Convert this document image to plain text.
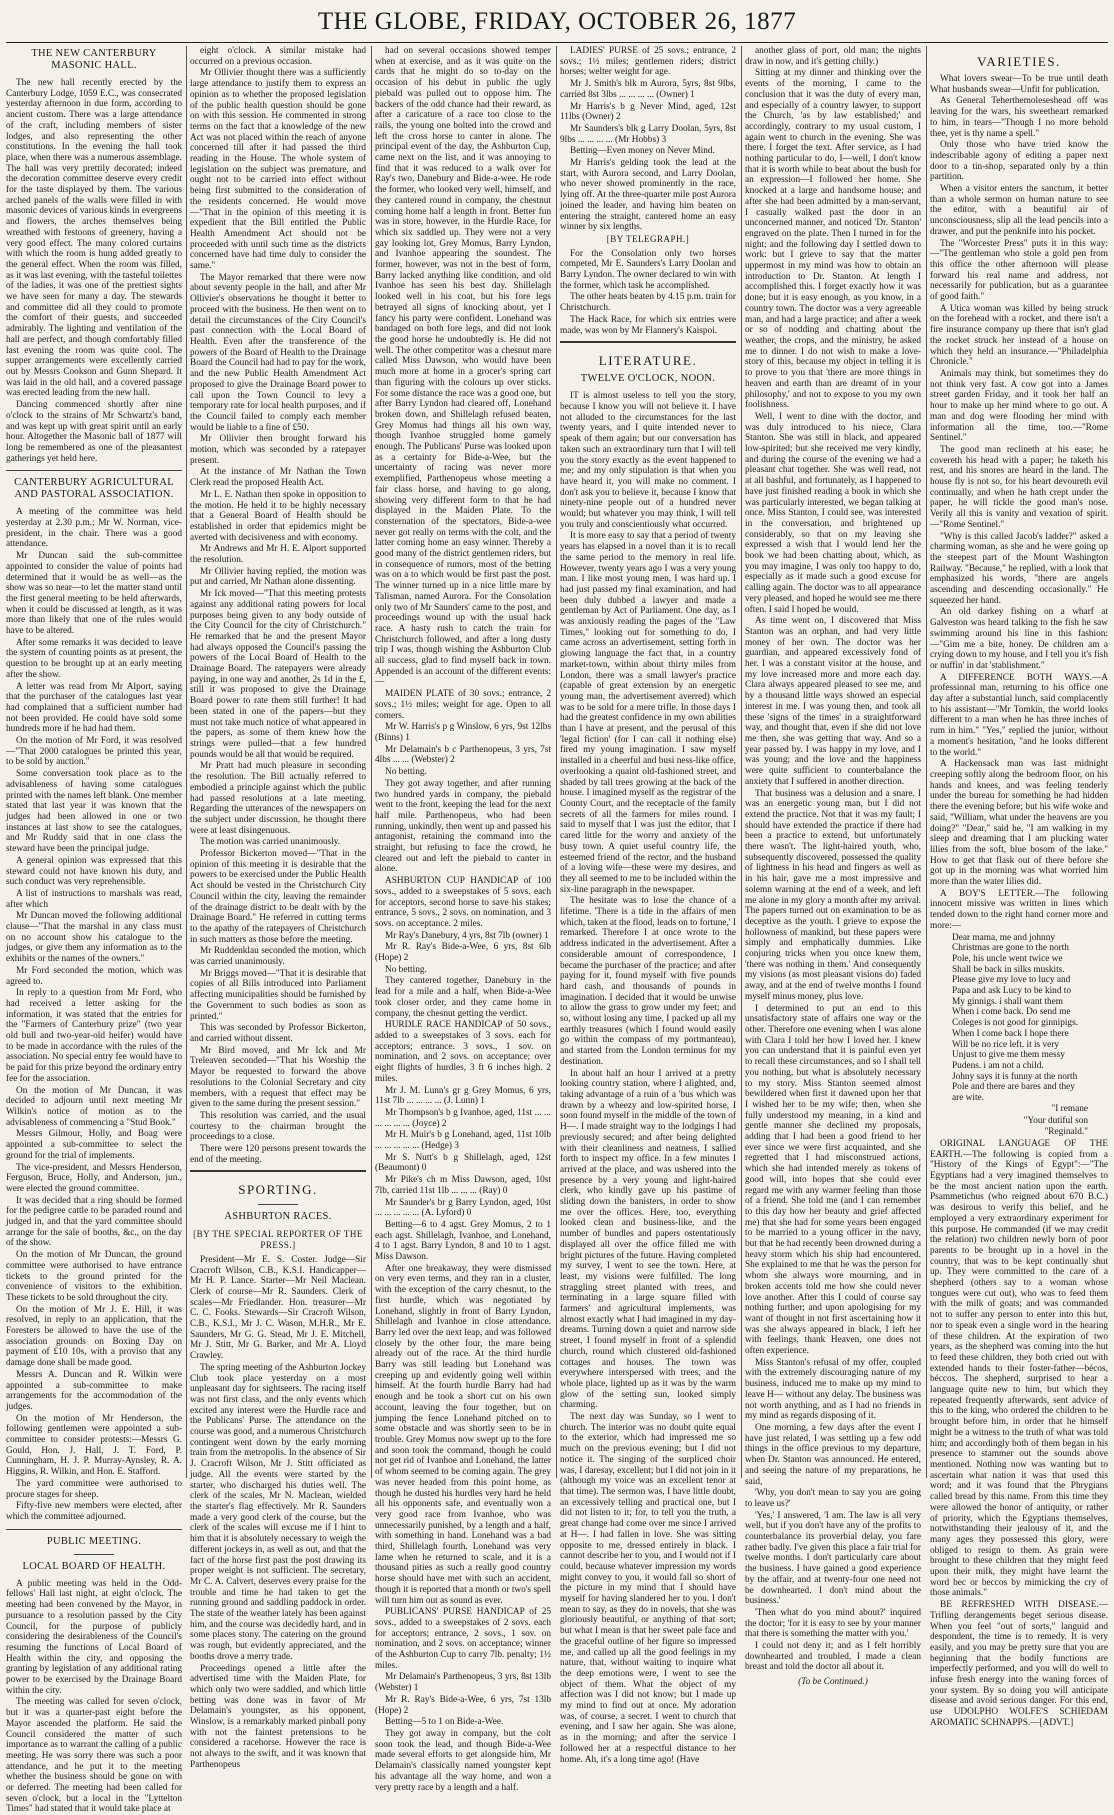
THE GLOBE, FRIDAY, OCTOBER 26, 1877
THE NEW CANTERBURY MASONIC HALL.

The new hall recently erected by the Canterbury Lodge, 1059 E.C., was consecrated yesterday afternoon in due form, according to ancient custom. There was a large attendance of the craft, including members of sister lodges, and also representing the other constitutions. In the evening the hall took place, when there was a numerous assemblage. The hall was very prettily decorated; indeed the decoration committee deserve every credit for the taste displayed by them. The various arched panels of the walls were filled in with masonic devices of various kinds in evergreens and flowers, the arches themselves being wreathed with festoons of greenery, having a very good effect. The many colored curtains with which the room is hung added greatly to the general effect. When the room was filled, as it was last evening, with the tasteful toilettes of the ladies, it was one of the prettiest sights we have seen for many a day. The stewards and committee did all they could to promote the comfort of their guests, and succeeded admirably. The lighting and ventilation of the hall are perfect, and though comfortably filled last evening the room was quite cool. The supper arrangements were excellently carried out by Messrs Cookson and Gunn Shepard. It was laid in the old hall, and a covered passage was erected leading from the new hall.

Dancing commenced shortly after nine o'clock to the strains of Mr Schwartz's band, and was kept up with great spirit until an early hour. Altogether the Masonic ball of 1877 will long be remembered as one of the pleasantest gatherings yet held here.

CANTERBURY AGRICULTURAL AND PASTORAL ASSOCIATION.

A meeting of the committee was held yesterday at 2.30 p.m.; Mr W. Norman, vice-president, in the chair. There was a good attendance.

Mr Duncan said the sub-committee appointed to consider the value of points had determined that it would be as well—as the show was so near—to let the matter stand until the first general meeting to be held afterwards, when it could be discussed at length, as it was more than likely that one of the rules would have to be altered.

After some remarks it was decided to leave the system of counting points as at present, the question to be brought up at an early meeting after the show.

A letter was read from Mr Alport, saying that the purchaser of the catalogues last year had complained that a sufficient number had not been provided. He could have sold some hundreds more if he had had them.

On the motion of Mr Ford, it was resolved —"That 2000 catalogues be printed this year, to be sold by auction."

Some conversation took place as to the advisableness of having some catalogues printed with the names left blank. One member stated that last year it was known that the judges had been allowed in one or two instances at last show to see the catalogues, and Mr Ruddy said that in one class the steward have been the principal judge.

A general opinion was expressed that this steward could not have known his duty, and such conduct was very reprehensible.

A list of instructions to marshals was read, after which

Mr Duncan moved the following additional clause—"That the marshal in any class must on no account show his catalogue to the judges, or give them any information as to the exhibits or the names of the owners."

Mr Ford seconded the motion, which was agreed to.

In reply to a question from Mr Ford, who had received a letter asking for the information, it was stated that the entries for the "Farmers of Canterbury prize" (two year old bull and two-year-old heifer) would have to be made in accordance with the rules of the association. No special entry fee would have to be paid for this prize beyond the ordinary entry fee for the association.

On the motion of Mr Duncan, it was decided to adjourn until next meeting Mr Wilkin's notice of motion as to the advisableness of commencing a "Stud Book."

Messrs Gilmour, Holly, and Boag were appointed a sub-committee to select the ground for the trial of implements.

The vice-president, and Messrs Henderson, Ferguson, Bruce, Holly, and Anderson, jun., were elected the ground committee.

It was decided that a ring should be formed for the pedigree cattle to be paraded round and judged in, and that the yard committee should arrange for the sale of booths, &c., on the day of the show.

On the motion of Mr Duncan, the ground committee were authorised to have entrance tickets to the ground printed for the convenience of visitors to the exhibition. These tickets to be sold throughout the city.

On the motion of Mr J. E. Hill, it was resolved, in reply to an application, that the Foresters be allowed to have the use of the association grounds on Boxing Day on payment of £10 10s, with a proviso that any damage done shall be made good.

Messrs A. Duncan and R. Wilkin were appointed a sub-committee to make arrangements for the accommodation of the judges.

On the motion of Mr Henderson, the following gentlemen were appointed a sub-committee to consider protests:—Messrs G. Gould, Hon. J. Hall, J. T. Ford, P. Cunningham, H. J. P. Murray-Aynsley, R. A. Higgins, R. Wilkin, and Hon. E. Stafford.

The yard committee were authorised to procure stages for sheep.

Fifty-five new members were elected, after which the committee adjourned.

PUBLIC MEETING.
LOCAL BOARD OF HEALTH.

A public meeting was held in the Odd-fellows' Hall last night, at eight o'clock. The meeting had been convened by the Mayor, in pursuance to a resolution passed by the City Council, for the purpose of publicly considering the desirableness of the Council's resuming the functions of Local Board of Health within the city, and opposing the granting by legislation of any additional rating power to be exercised by the Drainage Board within the city.

The meeting was called for seven o'clock, but it was a quarter-past eight before the Mayor ascended the platform. He said the Council considered the matter of such importance as to warrant the calling of a public meeting. He was sorry there was such a poor attendance, and he put it to the meeting whether the business should be gone on with or deferred. The meeting had been called for seven o'clock, but a local in the "Lyttelton Times" had stated that it would take place at

eight o'clock. A similar mistake had occurred on a previous occasion.

Mr Ollivier thought there was a sufficiently large attendance to justify them to express an opinion as to whether the proposed legislation of the public health question should be gone on with this session. He commented in strong terms on the fact that a knowledge of the new Act was not placed within the reach of anyone concerned till after it had passed the third reading in the House. The whole system of legislation on the subject was premature, and ought not to be carried into effect without being first submitted to the consideration of the residents concerned. He would move—"That in the opinion of this meeting it is expedient that the Bill entitled the Public Health Amendment Act should not be proceeded with until such time as the districts concerned have had time duly to consider the same."

The Mayor remarked that there were now about seventy people in the hall, and after Mr Ollivier's observations he thought it better to proceed with the business. He then went on to detail the circumstances of the City Council's past connection with the Local Board of Health. Even after the transference of the powers of the Board of Health to the Drainage Board the Council had had to pay for the work, and the new Public Health Amendment Act proposed to give the Drainage Board power to call upon the Town Council to levy a temporary rate for local health purposes, and if the Council failed to comply each member would be liable to a fine of £50.

Mr Ollivier then brought forward his motion, which was seconded by a ratepayer present.

At the instance of Mr Nathan the Town Clerk read the proposed Health Act.

Mr L. E. Nathan then spoke in opposition to the motion. He held it to be highly necessary that a General Board of Health should be established in order that epidemics might be averted with decisiveness and with economy.

Mr Andrews and Mr H. E. Alport supported the resolution.

Mr Ollivier having replied, the motion was put and carried, Mr Nathan alone dissenting.

Mr Ick moved—"That this meeting protests against any additional rating powers for local purposes being given to any body outside of the City Council for the city of Christchurch." He remarked that he and the present Mayor had always opposed the Council's passing the powers of the Local Board of Health to the Drainage Board. The ratepayers were already paying, in one way and another, 2s 1d in the £, still it was proposed to give the Drainage Board power to rate them still further! It had been stated in one of the papers—but they must not take much notice of what appeared in the papers, as some of them knew how the strings were pulled—that a few hundred pounds would be all that would be required.

Mr Pratt had much pleasure in seconding the resolution. The Bill actually referred to embodied a principle against which the public had passed resolutions at a late meeting. Regarding the utterances of the newspapers on the subject under discussion, he thought there were at least disingenuous.

The motion was carried unanimously.

Professor Bickerton moved—"That in the opinion of this meeting it is desirable that the powers to be exercised under the Public Health Act should be vested in the Christchurch City Council within the city, leaving the remainder of the drainage district to be dealt with by the Drainage Board." He referred in cutting terms to the apathy of the ratepayers of Christchurch in such matters as those before the meeting.

Mr Ruddenklau seconded the motion, which was carried unanimously.

Mr Briggs moved—"That it is desirable that copies of all Bills introduced into Parliament affecting municipalities should be furnished by the Government to such bodies as soon as printed."

This was seconded by Professor Bickerton, and carried without dissent.

Mr Bird moved, and Mr Ick and Mr Treleaven seconded—"That his Worship the Mayor be requested to forward the above resolutions to the Colonial Secretary and city members, with a request that effect may be given to the same during the present session."

This resolution was carried, and the usual courtesy to the chairman brought the proceedings to a close.

There were 120 persons present towards the end of the meeting.

SPORTING.
ASHBURTON RACES.
[BY THE SPECIAL REPORTER OF THE PRESS.]

President—Mr E. S. Coster. Judge—Sir Cracroft Wilson, C.B., K.S.I. Handicapper—Mr H. P. Lance. Starter—Mr Neil Maclean. Clerk of course—Mr R. Saunders. Clerk of scales—Mr Friedlander. Hon. treasurer—Mr C. C. Fooks. Stewards—Sir Cracroft Wilson, C.B., K.S.I., Mr J. C. Wason, M.H.R., Mr E. Saunders, Mr G. G. Stead, Mr J. E. Mitchell, Mr J. Stitt, Mr G. Barker, and Mr A. Lloyd Crawley.

The spring meeting of the Ashburton Jockey Club took place yesterday on a most unpleasant day for sightseers. The racing itself was not first class, and the only events which excited any interest were the Hurdle race and the Publicans' Purse. The attendance on the course was good, and a numerous Christchurch contingent went down by the early morning train from the metropolis. In the absence of Sir J. Cracroft Wilson, Mr J. Stitt officiated as judge. All the events were started by the starter, who discharged his duties well. The clerk of the scales, Mr N. Maclean, wielded the starter's flag effectively. Mr R. Saunders made a very good clerk of the course, but the clerk of the scales will excuse me if I hint to him that it is absolutely necessary to weigh the different jockeys in, as well as out, and that the fact of the horse first past the post drawing its proper weight is not sufficient. The secretary, Mr C. A. Calvert, deserves every praise for the trouble and time he had taken to get the running ground and saddling paddock in order. The state of the weather lately has been against him, and the course was decidedly hard, and in some places stony. The catering on the ground was rough, but evidently appreciated, and the booths drove a merry trade.

Proceedings opened a little after the advertised time with the Maiden Plate, for which only two were saddled, and which little betting was done was in favor of Mr Delamain's youngster, as his opponent, Winslow, is a remarkably marked pinball pony with not the faintest pretensions to be considered a racehorse. However the race is not always to the swift, and it was known that Parthenopeus

had on several occasions showed temper when at exercise, and as it was quite on the cards that he might do so to-day on the occasion of his debut in public the ugly piebald was pulled out to oppose him. The backers of the odd chance had their reward, as after a caricature of a race too close to the rails, the young one bolted into the crowd and left the cross horse to canter in alone. The principal event of the day, the Ashburton Cup, came next on the list, and it was annoying to find that it was reduced to a walk over for Ray's two, Danebury and Bide-a-wee. He rode the former, who looked very well, himself, and they cantered round in company, the chestnut coming home half a length in front. Better fun was in store, however, in the Hurdle Race, for which six saddled up. They were not a very gay looking lot, Grey Momus, Barry Lyndon, and Ivanhoe appearing the soundest. The former, however, was not in the best of form, Barry lacked anything like condition, and old Ivanhoe has seen his best day. Shillelagh looked well in his coat, but his fore legs betrayed all signs of knocking about, yet I fancy his party were confident. Lonehand was bandaged on both fore legs, and did not look the good horse he undoubtedly is. He did not well. The other competitor was a chesnut mare called Miss Dawson, who would have been much more at home in a grocer's spring cart than figuring with the colours up over sticks. For some distance the race was a good one, but after Barry Lyndon had cleared off, Lonehand broken down, and Shillelagh refused beaten, Grey Momus had things all his own way, though Ivanhoe struggled home gamely enough. The Publicans' Purse was looked upon as a certainty for Bide-a-Wee, but the uncertainty of racing was never more exemplified, Parthenopeus whose meeting a fair class horse, and having to go along, showing very different form to that he had displayed in the Maiden Plate. To the consternation of the spectators, Bide-a-wee never got really on terms with the colt, and the latter coming home an easy winner. Thereby a good many of the district gentlemen riders, but in consequence of rumors, most of the betting was on a to which would be first past the post. The winner turned up in a nice little mare by Talisman, named Aurora. For the Consolation only two of Mr Saunders' came to the post, and proceedings wound up with the usual hack race. A hasty rush to catch the train for Christchurch followed, and after a long dusty trip I was, though wishing the Ashburton Club all success, glad to find myself back in town. Appended is an account of the different events:—

MAIDEN PLATE of 30 sovs.; entrance, 2 sovs.; 1½ miles; weight for age. Open to all comers.

Mr W. Harris's p g Winslow, 6 yrs, 9st 12lbs (Binns) 1

Mr Delamain's b c Parthenopeus, 3 yrs, 7st 4lbs ... ... (Webster) 2

No betting.

They got away together, and after running two hundred yards in company, the piebald went to the front, keeping the lead for the next half mile. Parthenopeus, who had been running, unkindly, then went up and passed his antagonist, retaining the command into the straight, but refusing to face the crowd, he cleared out and left the piebald to canter in alone.

ASHBURTON CUP HANDICAP of 100 sovs., added to a sweepstakes of 5 sovs. each for acceptors, second horse to save his stakes; entrance, 5 sovs., 2 sovs. on nomination, and 3 sovs. on acceptance. 2 miles.

Mr Ray's Danebury, 4 yrs, 8st 7lb (owner) 1

Mr R. Ray's Bide-a-Wee, 6 yrs, 8st 6lb (Hope) 2

No betting.

They cantered together, Danebury in the lead for a mile and a half, when Bide-a-Wee took closer order, and they came home in company, the chesnut getting the verdict.

HURDLE RACE HANDICAP of 50 sovs., added to a sweepstakes of 3 sovs. each for acceptors; entrance. 3 sovs., 1 sov. on nomination, and 2 sovs. on acceptance; over eight flights of hurdles, 3 ft 6 inches high. 2 miles.

Mr J. M. Lunn's gr g Grey Momus, 6 yrs, 11st 7lb ... ... ... ... (J. Lunn) 1

Mr Thompson's b g Ivanhoe, aged, 11st ... ... ... ... ... ... (Joyce) 2

Mr H. Muir's b g Lonehand, aged, 11st 10lb ... ... ... ... ... (Hedge) 3

Mr S. Nutt's b g Shillelagh, aged, 12st (Beaumont) 0

Mr Pike's ch m Miss Dawson, aged, 10st 7lb, carried 11st 1lb ... ... ... (Ray) 0

Mr Saunder's br g Barry Lyndon, aged, 10st ... ... ... ... ... (A. Lyford) 0

Betting—6 to 4 agst. Grey Momus, 2 to 1 each agst. Shillelagh, Ivanhoe, and Lonehand, 4 to 1 agst. Barry Lyndon, 8 and 10 to 1 agst. Miss Dawson.

After one breakaway, they were dismissed on very even terms, and they ran in a cluster, with the exception of the carry chesnut, to the first hurdle, which was negotiated by Lonehand, slightly in front of Barry Lyndon, Shillelagh and Ivanhoe in close attendance. Barry led over the next leap, and was followed closely by the other four, the mare being already out of the race. At the third hurdle Barry was still leading but Lonehand was creeping up and evidently going well within himself. At the fourth hurdle Barry had had enough and he took a short cut on his own account, leaving the four together, but on jumping the fence Lonehand pitched on to some obstacle and was shortly seen to be in trouble. Grey Momus now swept up to the fore and soon took the command, though he could not get rid of Ivanhoe and Lonehand, the latter of whom seemed to be coming again. The grey was never headed from this point home, as though he dusted his hurdles very hard he held all his opponents safe, and eventually won a very good race from Ivanhoe, who was unnecessarily punished, by a length and a half, with something in hand. Lonehand was a bad third, Shillelagh fourth. Lonehand was very lame when he returned to scale, and it is a thousand pities as such a really good country horse should have met with such an accident, though it is reported that a month or two's spell will turn him out as sound as ever.

PUBLICANS' PURSE HANDICAP of 25 sovs., added to a sweepstakes of 2 sovs. each for acceptors; entrance, 2 sovs., 1 sov. on nomination, and 2 sovs. on acceptance; winner of the Ashburton Cup to carry 7lb. penalty; 1½ miles.

Mr Delamain's Parthenopeus, 3 yrs, 8st 13lb (Webster) 1

Mr R. Ray's Bide-a-Wee, 6 yrs, 7st 13lb (Hope) 2

Betting—5 to 1 on Bide-a-Wee.

They got away in company, but the colt soon took the lead, and though Bide-a-Wee made several efforts to get alongside him, Mr Delamain's classically named youngster kept his advantage all the way home, and won a very pretty race by a length and a half.

LADIES' PURSE of 25 sovs.; entrance, 2 sovs.; 1½ miles; gentlemen riders; district horses; welter weight for age.

Mr J. Smith's blk m Aurora, 5yrs, 8st 9lbs, carried 8st 3lbs ... ... ... ... (Owner) 1

Mr Harris's b g Never Mind, aged, 12st 11lbs (Owner) 2

Mr Saunders's blk g Larry Doolan, 5yrs, 8st 9lbs ... ... ... ... (Mr Hobbs) 3

Betting—Even money on Never Mind.

Mr Harris's gelding took the lead at the start, with Aurora second, and Larry Doolan, who never showed prominently in the race, lying off. At the three-quarter mile post Aurora joined the leader, and having him beaten on entering the straight, cantered home an easy winner by six lengths.

[BY TELEGRAPH.]

For the Consolation only two horses competed, Mr E. Saunders's Larry Doolan and Barry Lyndon. The owner declared to win with the former, which task he accomplished.

The other heats beaten by 4.15 p.m. train for Christchurch.

The Hack Race, for which six entries were made, was won by Mr Flannery's Kaispoi.

LITERATURE.
TWELVE O'CLOCK, NOON.

IT is almost useless to tell you the story, because I know you will not believe it. I have not alluded to the circumstances for the last twenty years, and I quite intended never to speak of them again; but our conversation has taken such an extraordinary turn that I will tell you the story exactly as the event happened to me; and my only stipulation is that when you have heard it, you will make no comment. I don't ask you to believe it, because I know that ninety-nine people out of a hundred never would; but whatever you may think, I will tell you truly and conscientiously what occurred.

It is more easy to say that a period of twenty years has elapsed in a novel than it is to recall the same period to the memory in real life. However, twenty years ago I was a very young man. I like most young men, I was hard up. I had just passed my final examination, and had been duly dubbed a lawyer and made a gentleman by Act of Parliament. One day, as I was anxiously reading the pages of the "Law Times," looking out for something to do, I came across an advertisement, setting forth in glowing language the fact that, in a country market-town, within about thirty miles from London, there was a small lawyer's practice (capable of great extension by an energetic young man, the advertisement averred) which was to be sold for a mere trifle. In those days I had the greatest confidence in my own abilities than I have at present, and the perusal of this 'legal fiction' (for I can call it nothing else) fired my young imagination. I saw myself installed in a cheerful and busi ness-like office, overlooking a quaint old-fashioned street, and shaded by tall trees growing at the back of the house. I imagined myself as the registrar of the County Court, and the receptacle of the family secrets of all the farmers for miles round. I said to myself that I was just the editor, that I cared little for the worry and anxiety of the busy town. A quiet useful country life, the esteemed friend of the rector, and the husband of a loving wife—these were my desires, and they all seemed to me to be included within the six-line paragraph in the newspaper.

The hesitate was to lose the chance of a lifetime. 'There is a tide in the affairs of men which, taken at the flood, leads on to fortune,' I remarked. Therefore I at once wrote to the address indicated in the advertisement. After a considerable amount of correspondence, I became the purchaser of the practice; and after paying for it, found myself with five pounds hard cash, and thousands of pounds in imagination. I decided that it would be unwise to allow the grass to grow under my feet; and so, without losing any time, I packed up all my earthly treasures (which I found would easily go within the compass of my portmanteau), and started from the London terminus for my destination.

In about half an hour I arrived at a pretty looking country station, where I alighted, and, taking advantage of a ruin of a 'bus which was drawn by a wheezy and low-spirited horse, I soon found myself in the middle of the town of H—. I made straight way to the lodgings I had previously secured; and after being delighted with their cleanliness and neatness, I sallied forth to inspect my office. In a few minutes I arrived at the place, and was ushered into the presence by a very young and light-haired clerk, who kindly gave up his pastime of sliding down the banisters, in order to show me over the offices. Here, too, everything looked clean and business-like, and the number of bundles and papers ostentatiously displayed all over the office filled me with bright pictures of the future. Having completed my survey, I went to see the town. Here, at least, my visions were fulfilled. The long straggling street planted with trees, and terminating in a large square filled with farmers' and agricultural implements, was almost exactly what I had imagined in my day-dreams. Turning down a quiet and narrow side street, I found myself in front of a splendid church, round which clustered old-fashioned cottages and houses. The town was everywhere interspersed with trees, and the whole place, lighted up as it was by the warm glow of the setting sun, looked simply charming.

The next day was Sunday, so I went to church. The interior was no doubt quite equal to the exterior, which had impressed me so much on the previous evening; but I did not notice it. The singing of the surpliced choir was, I daresay, excellent; but I did not join in it (although my voice was an excellent tenor at that time). The sermon was, I have little doubt, an excessively telling and practical one, but I did not listen to it; for, to tell you the truth, a great change had come over me since I arrived at H—. I had fallen in love. She was sitting opposite to me, dressed entirely in black. I cannot describe her to you, and I would not if I could, because whatever impression my words might convey to you, it would fall so short of the picture in my mind that I should have myself for having slandered her to you. I don't mean to say, as they do in novels, that she was gloriously beautiful, or anything of that sort; but what I mean is that her sweet pale face and the graceful outline of her figure so impressed me, and called up all the good feelings in my nature, that, without waiting to inquire what the deep emotions were, I went to see the object of them. What the object of my affection was I did not know; but I made up my mind to find out at once. My adoration was, of course, a secret. I went to church that evening, and I saw her again. She was alone, as in the morning; and after the service I followed her at a respectful distance to her home. Ah, it's a long time ago! (Have

another glass of port, old man; the nights draw in now, and it's getting chilly.)

Sitting at my dinner and thinking over the events of the morning, I came to the conclusion that it was the duty of every man, and especially of a country lawyer, to support the Church, 'as by law established;' and accordingly, contrary to my usual custom, I again went to church in the evening. She was there. I forget the text. After service, as I had nothing particular to do, I—well, I don't know that it is worth while to beat about the bush for an expression—I followed her home. She knocked at a large and handsome house; and after she had been admitted by a man-servant, I casually walked past the door in an unconcerned manner, and noticed 'Dr. Stanton' engraved on the plate. Then I turned in for the night; and the following day I settled down to work: but I grieve to say that the matter uppermost in my mind was how to obtain an introduction to Dr. Stanton. At length I accomplished this. I forget exactly how it was done; but it is easy enough, as you know, in a country town. The doctor was a very agreeable man, and had a large practice; and after a week or so of nodding and chatting about the weather, the crops, and the ministry, he asked me to dinner. I do not wish to make a love-story of this, because my object in telling it is to prove to you that 'there are more things in heaven and earth than are dreamt of in your philosophy,' and not to expose to you my own foolishness.

Well, I went to dine with the doctor, and was duly introduced to his niece, Clara Stanton. She was still in black, and appeared low-spirited; but she received me very kindly, and during the course of the evening we had a pleasant chat together. She was well read, not at all bashful, and fortunately, as I happened to have just finished reading a book in which she was particularly interested, we began talking at once. Miss Stanton, I could see, was interested in the conversation, and brightened up considerably, so that on my leaving she expressed a wish that I would lend her the book we had been chatting about, which, as you may imagine, I was only too happy to do, especially as it made such a good excuse for calling again. The doctor was to all appearance very pleased, and hoped he would see me there often. I said I hoped he would.

As time went on, I discovered that Miss Stanton was an orphan, and had very little money of her own. The doctor was her guardian, and appeared excessively fond of her. I was a constant visitor at the house, and my love increased more and more each day. Clara always appeared pleased to see me, and by a thousand little ways showed an especial interest in me. I was young then, and took all these 'signs of the times' in a straightforward way, and thought that, even if she did not love me then, she was getting that way. And so a year passed by. I was happy in my love, and I was young; and the love and the happiness were quite sufficient to counterbalance the anxiety that I suffered in another direction.

That business was a delusion and a snare. I was an energetic young man, but I did not extend the practice. Not that it was my fault; I should have extended the practice if there had been a practice to extend, but unfortunately there wasn't. The light-haired youth, who, subsequently discovered, possessed the quality of lightness in his head and fingers as well as in his hair, gave me a most impressive and solemn warning at the end of a week, and left me alone in my glory a month after my arrival. The papers turned out on examination to be as deceptive as the youth. I grieve to expose the hollowness of mankind, but these papers were simply and emphatically dummies. Like conjuring tricks when you once knew them, 'there was nothing in them.' And consequently my visions (as most pleasant visions do) faded away, and at the end of twelve months I found myself minus money, plus love.

I determined to put an end to this unsatisfactory state of affairs one way or the other. Therefore one evening when I was alone with Clara I told her how I loved her. I knew you can understand that it is painful even yet to recall these circumstances, and so I shall tell you nothing, but what is absolutely necessary to my story. Miss Stanton seemed almost bewildered when first it dawned upon her that I wished her to be my wife; then, when she fully understood my meaning, in a kind and gentle manner she declined my proposals, adding that I had been a good friend to her ever since we were first acquainted, and she regretted that I had misconstrued actions, which she had intended merely as tokens of good will, into hopes that she could ever regard me with any warmer feeling than those of a friend. She told me (and I can remember to this day how her beauty and grief affected me) that she had for some years been engaged to be married to a young officer in the navy, but that he had recently been drowned during a heavy storm which his ship had encountered. She explained to me that he was the person for whom she always wore mourning, and in broken accents told me how she could never love another. After this I could of course say nothing further; and upon apologising for my want of thought in not first ascertaining how it was she always appeared in black, I left her with feelings, thank Heaven, one does not often experience.

Miss Stanton's refusal of my offer, coupled with the extremely discouraging nature of my business, induced me to make up my mind to leave H— without any delay. The business was not worth anything, and as I had no friends in my mind as regards disposing of it.

One morning, a few days after the event I have just related, I was settling up a few odd things in the office previous to my departure, when Dr. Stanton was announced. He entered, and seeing the nature of my preparations, he said,

'Why, you don't mean to say you are going to leave us?'

'Yes,' I answered, 'I am. The law is all very well, but if you don't have any of the profits to counterbalance its proverbial delay, you fare rather badly. I've given this place a fair trial for twelve months. I don't particularly care about the business. I have gained a good experience by the affair, and at twenty-four one need not be downhearted. I don't mind about the business.'

'Then what do you mind about?' inquired the doctor; 'for it is easy to see by your manner that there is something the matter with you.'

I could not deny it; and as I felt horribly downhearted and troubled, I made a clean breast and told the doctor all about it.

(To be Continued.)
VARIETIES.

What lovers swear—To be true until death What husbands swear—Unfit for publication.

As General Teherthemoleseshead off was leaving for the wars, his sweetheart remarked to him, in tears—"Though I no more behold thee, yet is thy name a spell."

Only those who have tried know the indescribable agony of editing a paper next door to a tin-shop, separated only by a thin partition.

When a visitor enters the sanctum, it better than a whole sermon on human nature to see the editor, with a beautiful air of unconsciousness, slip all the lead pencils into a drawer, and put the penknife into his pocket.

The "Worcester Press" puts it in this way:—"The gentleman who stole a gold pen from this office the other afternoon will please forward his real name and address, not necessarily for publication, but as a guarantee of good faith."

A Utica woman was killed by being struck on the forehead with a rocket, and there isn't a fire insurance company up there that isn't glad the rocket struck her instead of a house on which they held an insurance.—"Philadelphia Chronicle."

Animals may think, but sometimes they do not think very fast. A cow got into a James street garden Friday, and it took her half an hour to make up her mind where to go out. A man and dog were flooding her mind with information all the time, too.—"Rome Sentinel."

The good man reclineth at his ease; he covereth his head with a paper; he taketh his rest, and his snores are heard in the land. The house fly is not so, for his heart devoureth evil continually, and when he hath crept under the paper, he will tickle the good man's nose. Verily all this is vanity and vexation of spirit.—"Rome Sentinel."

"Why is this called Jacob's ladder?" asked a charming woman, as she and he were going up the steepest part of the Mount Washington Railway. "Because," he replied, with a look that emphasized his words, "there are angels ascending and descending occasionally." He squeezed her hand.

An old darkey fishing on a wharf at Galveston was heard talking to the fish he saw swimming around his line in this fashion:—"Gim me a bite, honey. De children am a crying down to my house, and I tell you it's fish or nuffin' in dat 'stablishment."

A DIFFERENCE BOTH WAYS.—A professional man, returning to his office one day after a substantial lunch, said complacently to his assistant—"Mr Tomkin, the world looks different to a man when he has three inches of rum in him." "Yes," replied the junior, without a moment's hesitation, "and he looks different to the world."

A Hackensack man was last midnight creeping softly along the bedroom floor, on his hands and knees, and was feeling tenderly under the bureau for something he had hidden there the evening before; but his wife woke and said, "William, what under the heavens are you doing?" "Dear," said he, "I am walking in my sleep and dreaming that I am plucking water lilies from the soft, blue bosom of the lake." How to get that flask out of there before she got up in the morning was what worried him more than the water lilies did.

A BOY'S LETTER.—The following innocent missive was written in lines which tended down to the right hand corner more and more:—

Dear mama, me and johnny

Christmas are gone to the north

Pole, his uncle went twice we

Shall be back in silks muskits.

Please give my love to lucy and

Papa and ask Lucy to be kind to

My ginnigs. i shall want them

When i come back. Do send me

Coleges is not good for ginnipigs.

When I come back I hope there

Will be no rice left. it is very

Unjust to give me them messy

Pudens. i am not a child.

Johny says it is funny at the north

Pole and there are bares and they

are wite.

"I remane

"Your dutiful son

"Reginald."

ORIGINAL LANGUAGE OF THE EARTH.—The following is copied from a "History of the Kings of Egypt":—"The Egyptians had a very imagined themselves to be the most ancient nation upon the earth. Psammetichus (who reigned about 670 B.C.) was desirous to verify this belief, and he employed a very extraordinary experiment for this purpose. He commanded (if we may credit the relation) two children newly born of poor parents to be brought up in a hovel in the country, that was to be kept continually shut up. They were committed to the care of a shepherd (others say to a woman whose tongues were cut out), who was to feed them with the milk of goats; and was commanded not to suffer any person to enter into this hut, nor to speak even a single word in the hearing of these children. At the expiration of two years, as the shepherd was coming into the hut to feed these children, they both cried out with extended hands to their foster-father—bécos, béccos. The shepherd, surprised to hear a language quite new to him, but which they repeated frequently afterwards, sent advice of this to the king, who ordered the children to be brought before him, in order that he himself might be a witness to the truth of what was told him; and accordingly both of them began in his presence to stammer out the sounds above mentioned. Nothing now was wanting but to ascertain what nation it was that used this word; and it was found that the Phrygians called bread by this name. From this time they were allowed the honor of antiquity, or rather of priority, which the Egyptians themselves, notwithstanding their jealousy of it, and the many ages they possessed this glory, were obliged to resign to them. As grain were brought to these children that they might feed upon their milk, they might have learnt the word bec or beccos by mimicking the cry of those animals."

BE REFRESHED WITH DISEASE.—Trifling derangements beget serious disease. When you feel "out of sorts," languid and despondent, the time is to remedy. It is very easily, and you may be pretty sure that you are beginning that the bodily functions are imperfectly performed, and you will do well to infuse fresh energy into the waning forces of your system. By so doing you will anticipate disease and avoid serious danger. For this end, use UDOLPHO WOLFE'S SCHIEDAM AROMATIC SCHNAPPS.—[ADVT.]
